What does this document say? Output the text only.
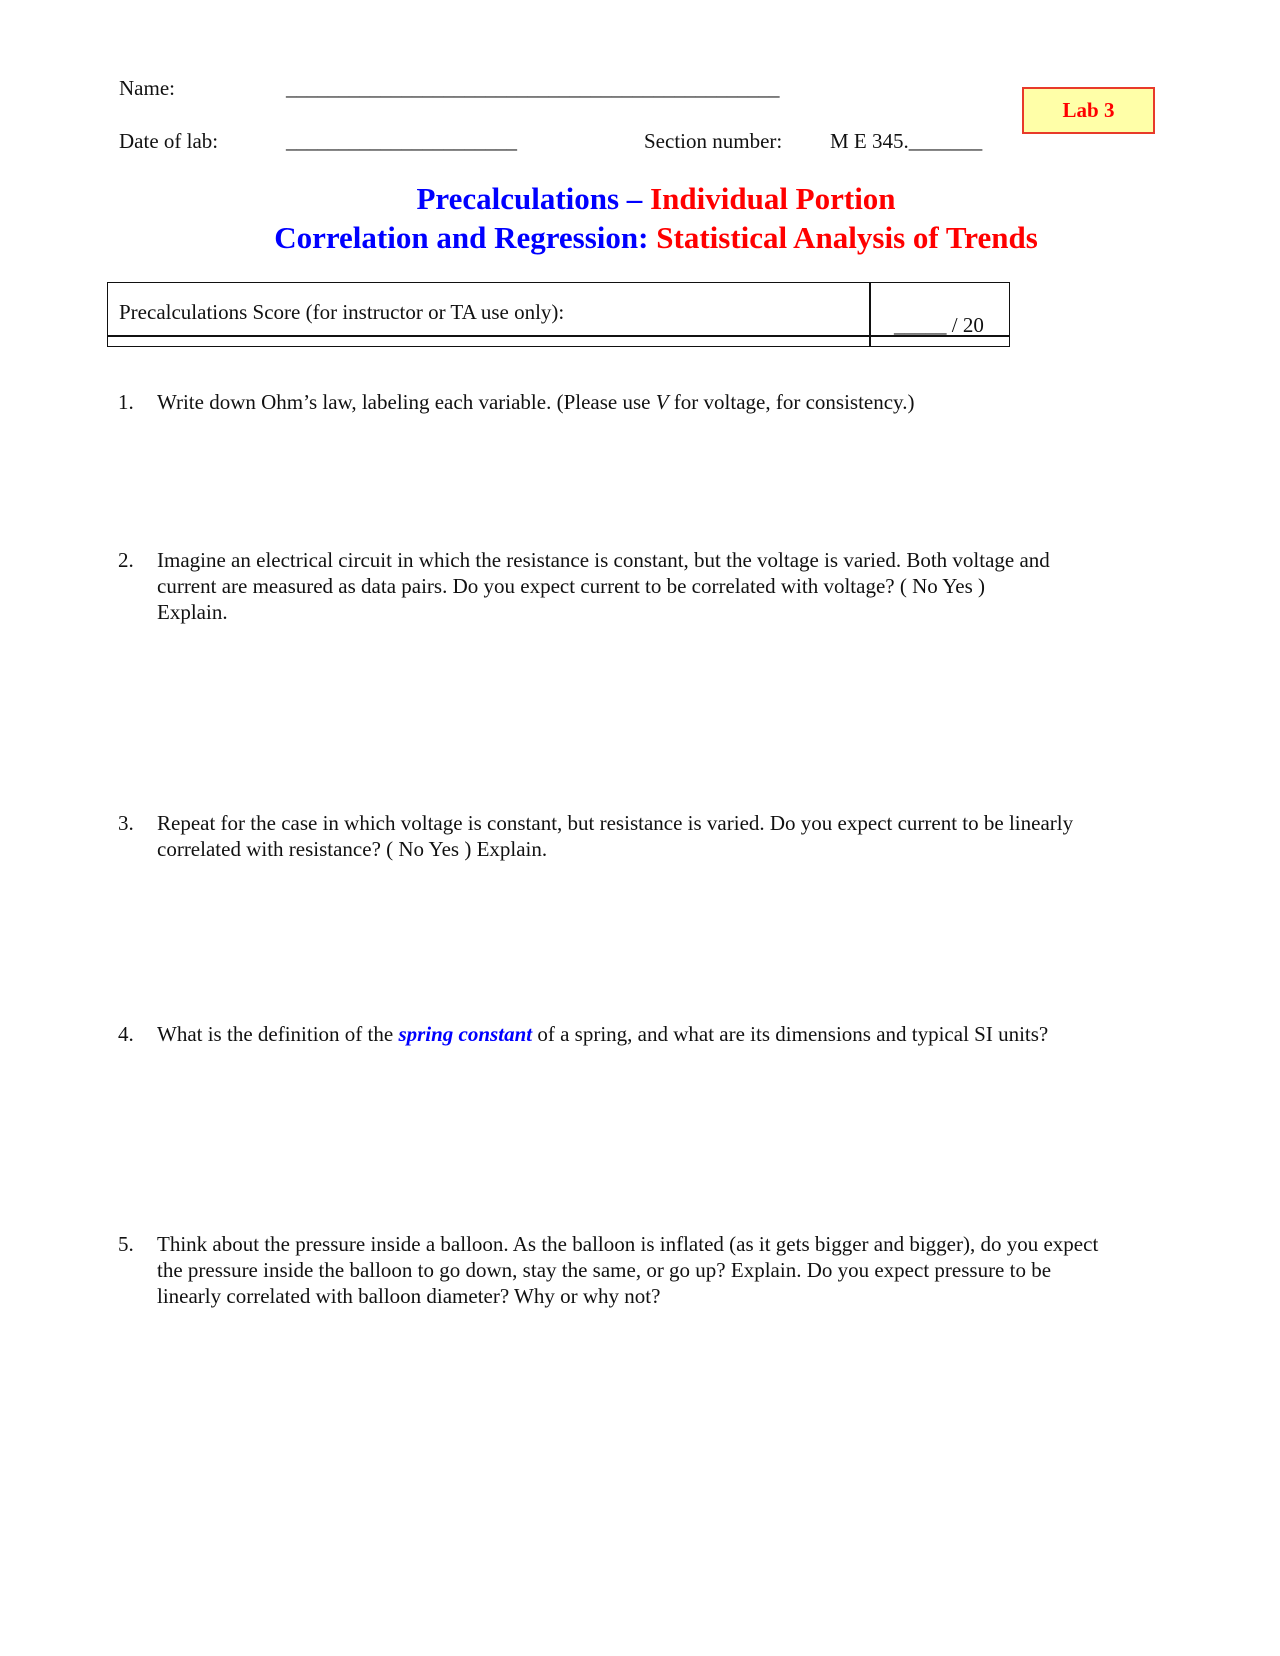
Name:	_______________________________________________
Lab 3
Date of lab:	______________________	Section number: M E 345._______
Precalculations – Individual Portion
Correlation and Regression: Statistical Analysis of Trends
Precalculations Score (for instructor or TA use only):
_____ / 20
1. Write down Ohm’s law, labeling each variable. (Please use V for voltage, for consistency.)
2. Imagine an electrical circuit in which the resistance is constant, but the voltage is varied. Both voltage and
current are measured as data pairs. Do you expect current to be correlated with voltage? ( No Yes )
Explain.
3. Repeat for the case in which voltage is constant, but resistance is varied. Do you expect current to be linearly
correlated with resistance? ( No Yes ) Explain.
4. What is the definition of the spring constant of a spring, and what are its dimensions and typical SI units?
5. Think about the pressure inside a balloon. As the balloon is inflated (as it gets bigger and bigger), do you expect
the pressure inside the balloon to go down, stay the same, or go up? Explain. Do you expect pressure to be
linearly correlated with balloon diameter? Why or why not?
